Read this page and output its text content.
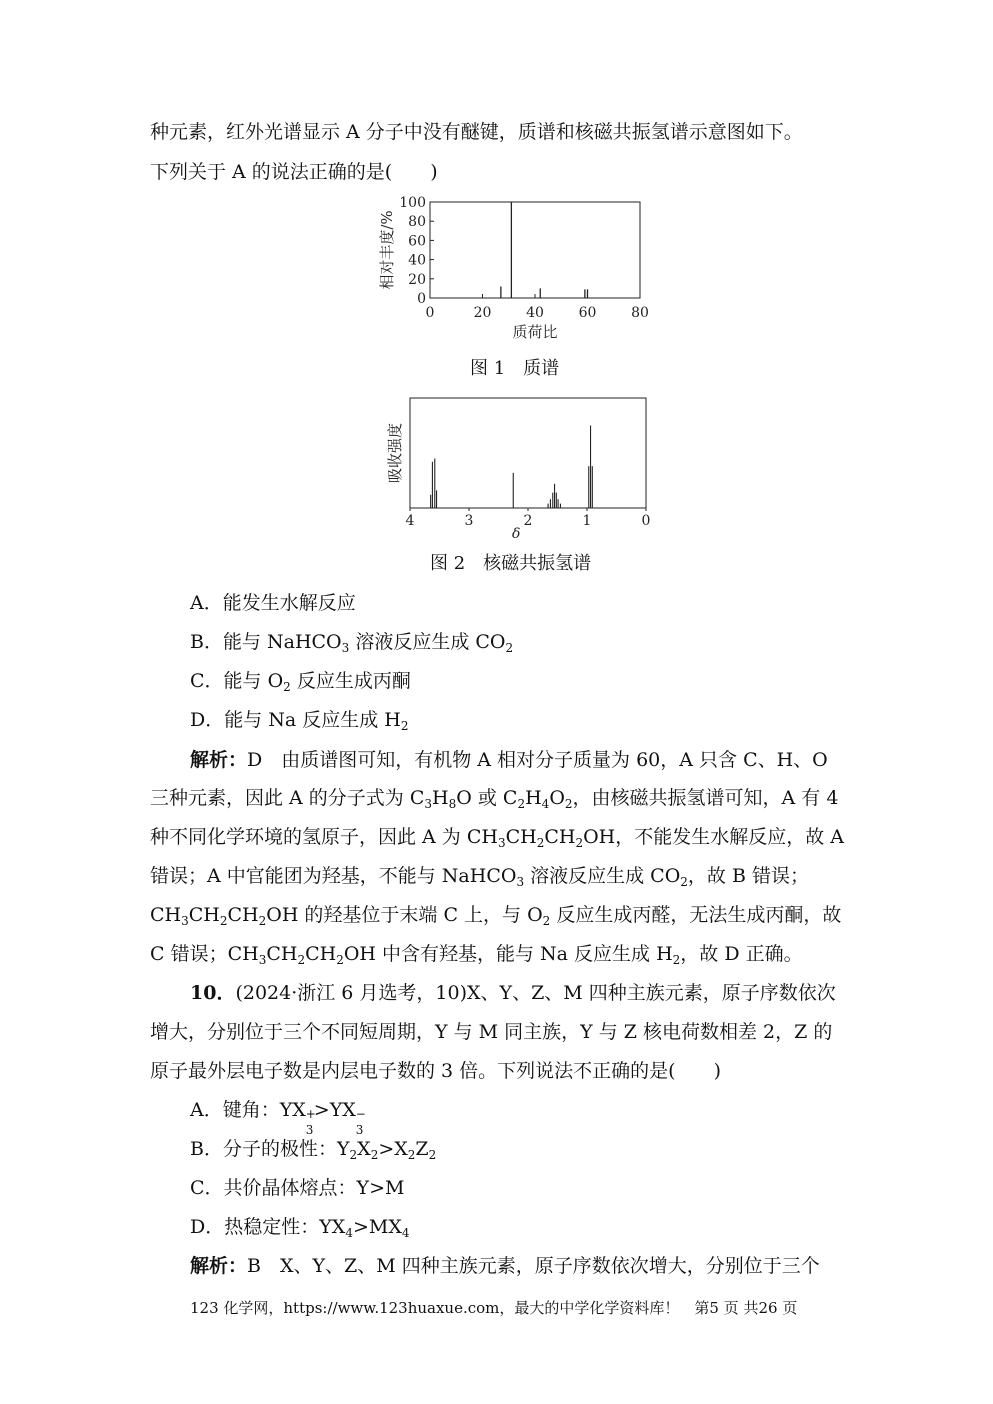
种元素，红外光谱显示 A 分子中没有醚键，质谱和核磁共振氢谱示意图如下。
下列关于 A 的说法正确的是(　　)
0
20
40
60
80
100
0	20 40 60 80
质荷比
相对丰度/%
图 1　质谱
4	3	2	1	0
δ
吸收强度
图 2　核磁共振氢谱
A．能发生水解反应
B．能与 NaHCO$_3$ 溶液反应生成 $CO_2$
C．能与 $O_2$ 反应生成丙酮
D．能与 Na 反应生成 $H_2$
解析：D　由质谱图可知，有机物 A 相对分子质量为 60，A 只含 C、H、O
三种元素，因此 A 的分子式为 $C_3H_8O$ 或 $C_2H_4O_2$，由核磁共振氢谱可知，A 有 4
种不同化学环境的氢原子，因此 A 为 $CH_3CH_2CH_2OH$，不能发生水解反应，故 A
错误；A 中官能团为羟基，不能与 NaHCO$_3$ 溶液反应生成 $CO_2$，故 B 错误；
$CH_3CH_2CH_2OH$ 的羟基位于末端 C 上，与 $O_2$ 反应生成丙醛，无法生成丙酮，故
C 错误；$CH_3CH_2CH_2OH$ 中含有羟基，能与 Na 反应生成 $H_2$，故 D 正确。
10．(2024·浙江 6 月选考，10)X、Y、Z、M 四种主族元素，原子序数依次
增大，分别位于三个不同短周期，Y 与 M 同主族，Y 与 Z 核电荷数相差 2，Z 的
原子最外层电子数是内层电子数的 3 倍。下列说法不正确的是(　　)
A．键角：YX +
3
>YX −
3
B．分子的极性：$Y_2X_2>X_2Z_2$
C．共价晶体熔点：Y>M
D．热稳定性：$YX_4>MX_4$
解析：B　X、Y、Z、M 四种主族元素，原子序数依次增大，分别位于三个
123 化学网，https://www.123huaxue.com，最大的中学化学资料库！　第5 页 共26 页
